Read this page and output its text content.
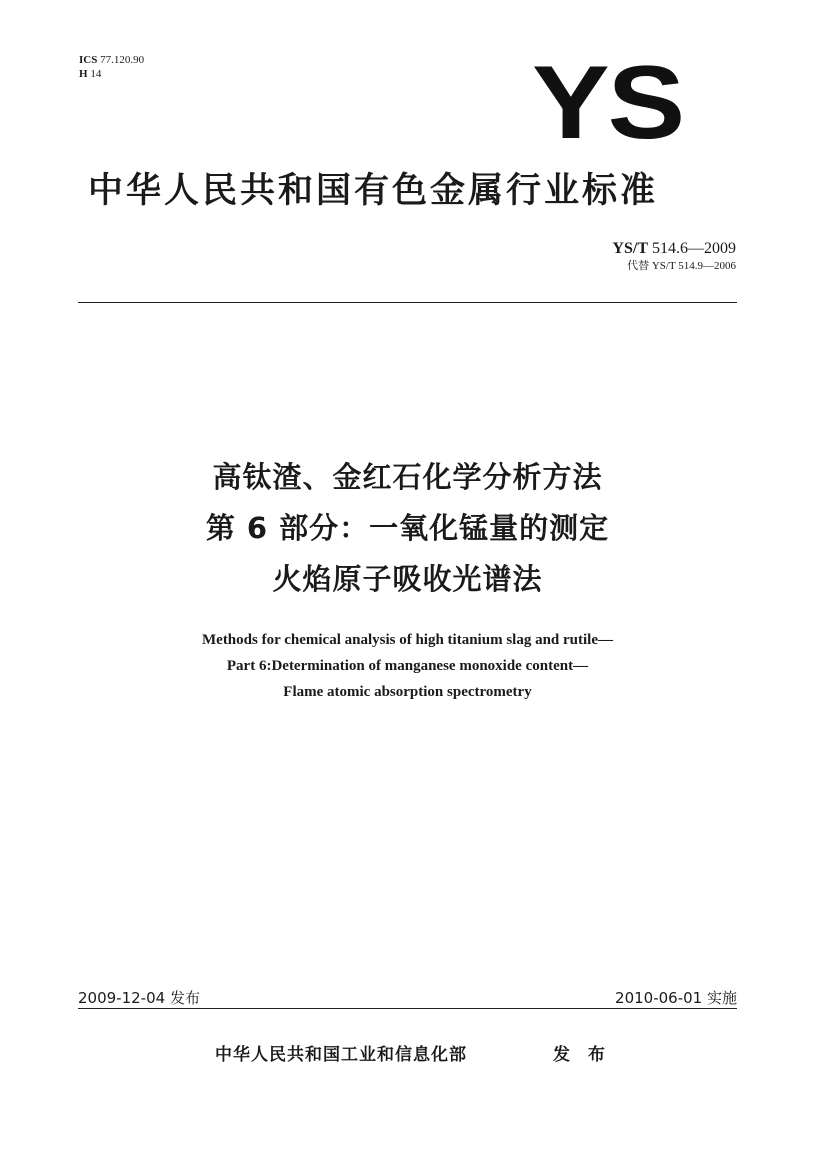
ICS 77.120.90
H 14	YS
中华人民共和国有色金属行业标准
YS/T 514.6—2009
代替 YS/T 514.9—2006
高钛渣、金红石化学分析方法
第 6 部分：一氧化锰量的测定
火焰原子吸收光谱法
Methods for chemical analysis of high titanium slag and rutile—
Part 6:Determination of manganese monoxide content—
Flame atomic absorption spectrometry
2009-12-04 发布	2010-06-01 实施
中华人民共和国工业和信息化部	发 布
